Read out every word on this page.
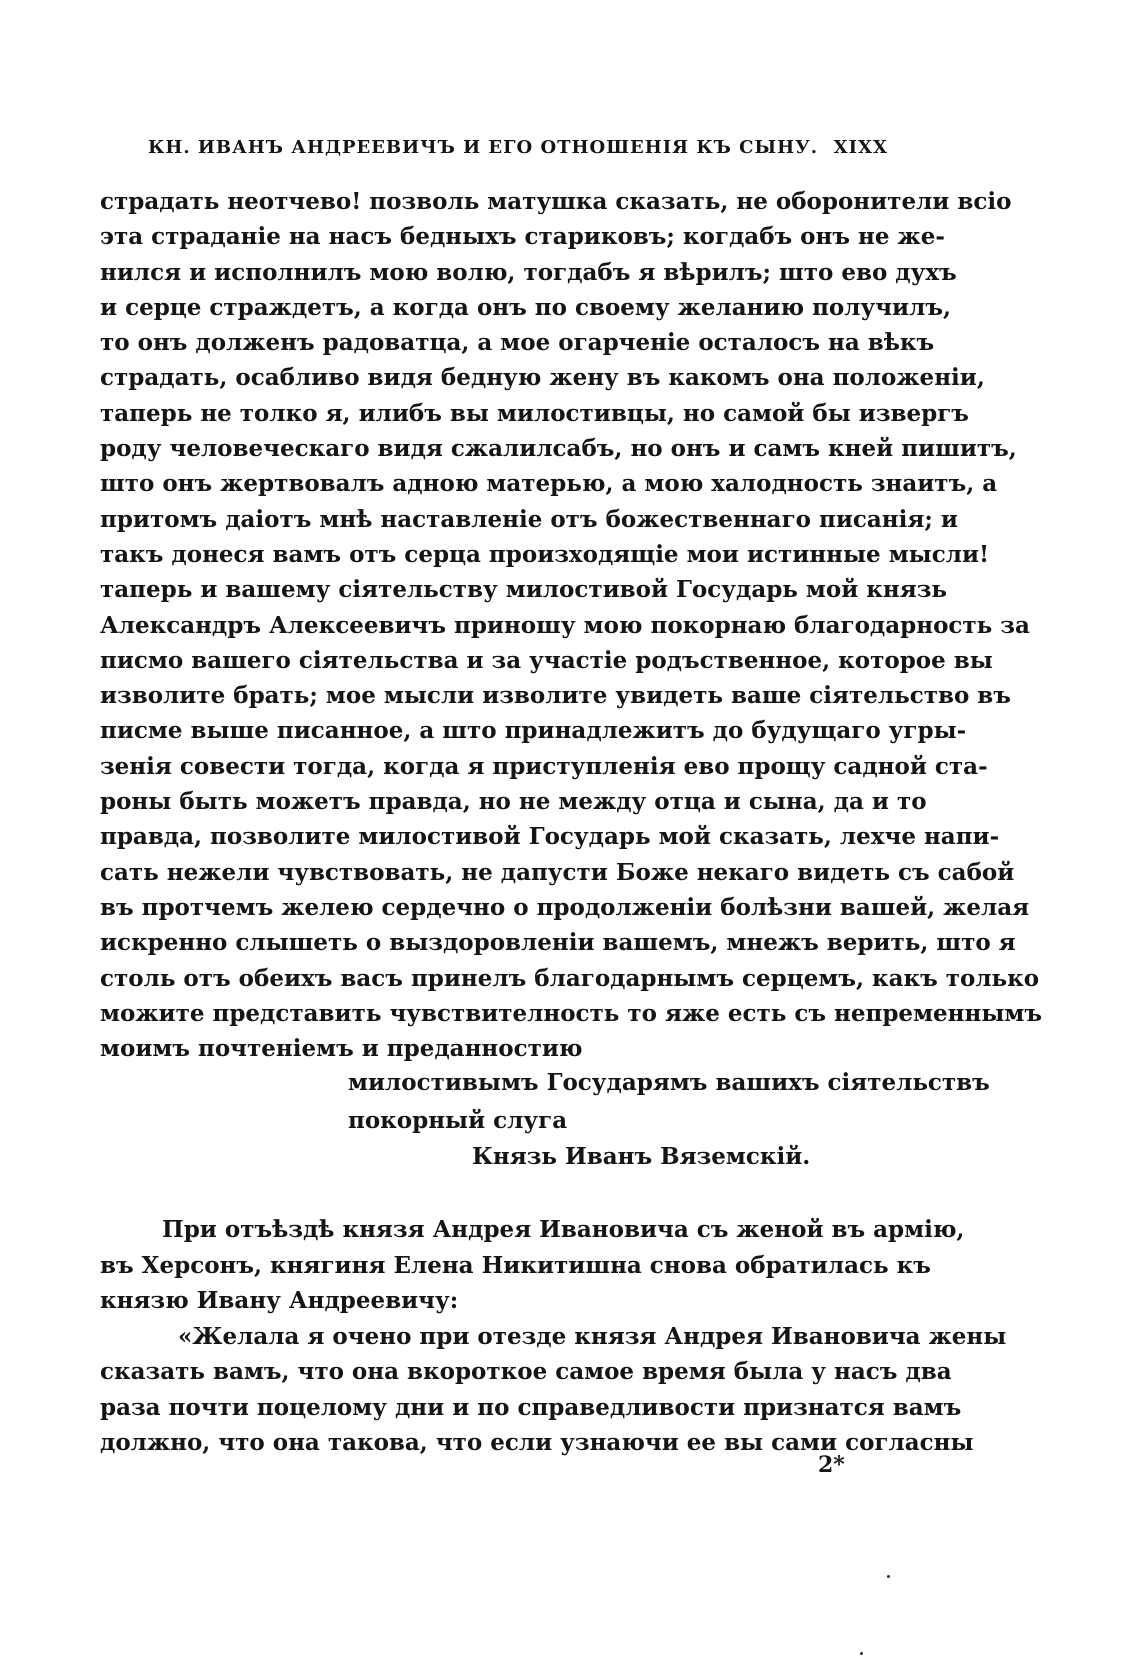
КН. ИВАНЪ АНДРЕЕВИЧЪ И ЕГО ОТНОШЕНІЯ КЪ СЫНУ. XIXX
страдать неотчево! позволь матушка сказать, не оборонители всіо
эта страданіе на насъ бедныхъ стариковъ; когдабъ онъ не же-
нился и исполнилъ мою волю, тогдабъ я вѣрилъ; што ево духъ
и серце страждетъ, а когда онъ по своему желанию получилъ,
то онъ долженъ радоватца, а мое огарченіе осталосъ на вѣкъ
страдать, осабливо видя бедную жену въ какомъ она положеніи,
таперь не толко я, илибъ вы милостивцы, но самой бы извергъ
роду человеческаго видя сжалилсабъ, но онъ и самъ кней пишитъ,
што онъ жертвовалъ адною матерью, а мою халодность знаитъ, а
притомъ даіотъ мнѣ наставленіе отъ божественнаго писанія; и
такъ донеся вамъ отъ серца произходящіе мои истинные мысли!
таперь и вашему сіятельству милостивой Государь мой князь
Александръ Алексеевичъ приношу мою покорнаю благодарность за
писмо вашего сіятельства и за участіе родъственное, которое вы
изволите брать; мое мысли изволите увидеть ваше сіятельство въ
писме выше писанное, а што принадлежитъ до будущаго угры-
зенія совести тогда, когда я приступленія ево прощу садной ста-
роны быть можетъ правда, но не между отца и сына, да и то
правда, позволите милостивой Государь мой сказать, лехче напи-
сать нежели чувствовать, не дапусти Боже некаго видеть съ сабой
въ протчемъ желею сердечно о продолженіи болѣзни вашей, желая
искренно слышеть о выздоровленіи вашемъ, мнежъ верить, што я
столь отъ обеихъ васъ принелъ благодарнымъ серцемъ, какъ только
можите представить чувствителность то яже есть съ непременнымъ
моимъ почтеніемъ и преданностию
милостивымъ Государямъ вашихъ сіятельствъ
покорный слуга
Князь Иванъ Вяземскій.
При отъѣздѣ князя Андрея Ивановича съ женой въ армію,
въ Херсонъ, княгиня Елена Никитишна снова обратилась къ
князю Ивану Андреевичу:
«Желала я очено при отезде князя Андрея Ивановича жены
сказать вамъ, что она вкороткое самое время была у насъ два
раза почти поцелому дни и по справедливости признатся вамъ
должно, что она такова, что если узнаючи ее вы сами согласны
2*
